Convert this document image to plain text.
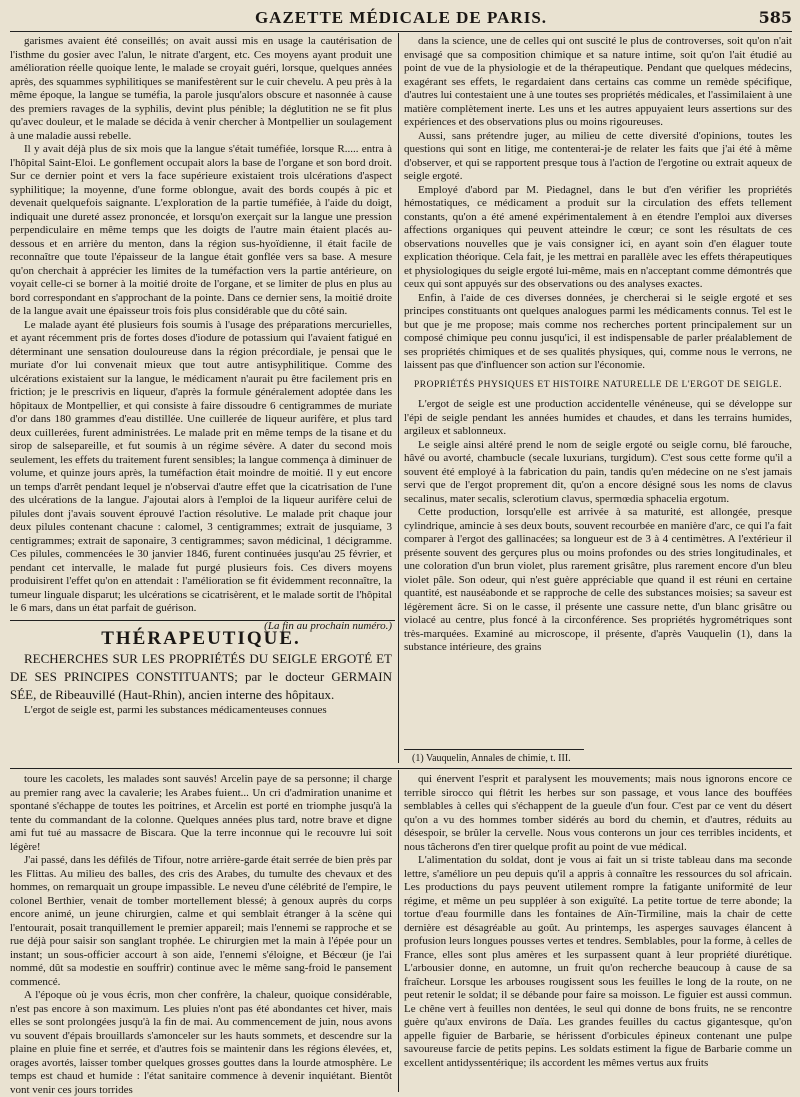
GAZETTE MÉDICALE DE PARIS.	585

garismes avaient été conseillés; on avait aussi mis en usage la cautérisation de l'isthme du gosier avec l'alun, le nitrate d'argent, etc. Ces moyens ayant produit une amélioration réelle quoique lente, le malade se croyait guéri, lorsque, quelques années après, des squammes syphilitiques se manifestèrent sur le cuir chevelu. A peu près à la même époque, la langue se tuméfia, la parole jusqu'alors obscure et nasonnée à cause des premiers ravages de la syphilis, devint plus pénible; la déglutition ne se fit plus qu'avec douleur, et le malade se décida à venir chercher à Montpellier un soulagement à une maladie aussi rebelle.

Il y avait déjà plus de six mois que la langue s'était tuméfiée, lorsque R..... entra à l'hôpital Saint-Eloi. Le gonflement occupait alors la base de l'organe et son bord droit. Sur ce dernier point et vers la face supérieure existaient trois ulcérations d'aspect syphilitique; la moyenne, d'une forme oblongue, avait des bords coupés à pic et devenait quelquefois saignante. L'exploration de la partie tuméfiée, à l'aide du doigt, indiquait une dureté assez prononcée, et lorsqu'on exerçait sur la langue une pression perpendiculaire en même temps que les doigts de l'autre main étaient placés au-dessous et en arrière du menton, dans la région sus-hyoïdienne, il était facile de reconnaître que toute l'épaisseur de la langue était gonflée vers sa base. A mesure qu'on cherchait à apprécier les limites de la tuméfaction vers la partie antérieure, on voyait celle-ci se borner à la moitié droite de l'organe, et se limiter de plus en plus au bord correspondant en s'approchant de la pointe. Dans ce dernier sens, la moitié droite de la langue avait une épaisseur trois fois plus considérable que du côté sain.

Le malade ayant été plusieurs fois soumis à l'usage des préparations mercurielles, et ayant récemment pris de fortes doses d'iodure de potassium qui l'avaient fatigué en déterminant une sensation douloureuse dans la région précordiale, je pensai que le muriate d'or lui convenait mieux que tout autre antisyphilitique. Comme des ulcérations existaient sur la langue, le médicament n'aurait pu être facilement pris en friction; je le prescrivis en liqueur, d'après la formule généralement adoptée dans les hôpitaux de Montpellier, et qui consiste à faire dissoudre 6 centigrammes de muriate d'or dans 180 grammes d'eau distillée. Une cuillerée de liqueur aurifère, et plus tard deux cuillerées, furent administrées. Le malade prit en même temps de la tisane et du sirop de salsepareille, et fut soumis à un régime sévère. A dater du second mois seulement, les effets du traitement furent sensibles; la langue commença à diminuer de volume, et quinze jours après, la tuméfaction était moindre de moitié. Il y eut encore un temps d'arrêt pendant lequel je n'observai d'autre effet que la cicatrisation de l'une des ulcérations de la langue. J'ajoutai alors à l'emploi de la liqueur aurifère celui de pilules dont j'avais souvent éprouvé l'action résolutive. Le malade prit chaque jour deux pilules contenant chacune : calomel, 3 centigrammes; extrait de jusquiame, 3 centigrammes; extrait de saponaire, 3 centigrammes; savon médicinal, 1 décigramme. Ces pilules, commencées le 30 janvier 1846, furent continuées jusqu'au 25 février, et pendant cet intervalle, le malade fut purgé plusieurs fois. Ces divers moyens produisirent l'effet qu'on en attendait : l'amélioration se fit évidemment reconnaître, la tumeur linguale disparut; les ulcérations se cicatrisèrent, et le malade sortit de l'hôpital le 6 mars, dans un état parfait de guérison.

(La fin au prochain numéro.)
THÉRAPEUTIQUE.

RECHERCHES SUR LES PROPRIÉTÉS DU SEIGLE ERGOTÉ ET DE SES PRINCIPES CONSTITUANTS; par le docteur GERMAIN SÉE, de Ribeauvillé (Haut-Rhin), ancien interne des hôpitaux.

L'ergot de seigle est, parmi les substances médicamenteuses connues

dans la science, une de celles qui ont suscité le plus de controverses, soit qu'on n'ait envisagé que sa composition chimique et sa nature intime, soit qu'on l'ait étudié au point de vue de la physiologie et de la thérapeutique. Pendant que quelques médecins, exagérant ses effets, le regardaient dans certains cas comme un remède spécifique, d'autres lui contestaient une à une toutes ses propriétés médicales, et l'assimilaient à une matière complètement inerte. Les uns et les autres appuyaient leurs assertions sur des expériences et des observations plus ou moins rigoureuses.

Aussi, sans prétendre juger, au milieu de cette diversité d'opinions, toutes les questions qui sont en litige, me contenterai-je de relater les faits que j'ai été à même d'observer, et qui se rapportent presque tous à l'action de l'ergotine ou extrait aqueux de seigle ergoté.

Employé d'abord par M. Piedagnel, dans le but d'en vérifier les propriétés hémostatiques, ce médicament a produit sur la circulation des effets tellement constants, qu'on a été amené expérimentalement à en étendre l'emploi aux diverses affections organiques qui peuvent atteindre le cœur; ce sont les résultats de ces observations nouvelles que je vais consigner ici, en ayant soin d'en élaguer toute explication théorique. Cela fait, je les mettrai en parallèle avec les effets thérapeutiques et physiologiques du seigle ergoté lui-même, mais en n'acceptant comme démontrés que ceux qui sont appuyés sur des observations ou des analyses exactes.

Enfin, à l'aide de ces diverses données, je chercherai si le seigle ergoté et ses principes constituants ont quelques analogues parmi les médicaments connus. Tel est le but que je me propose; mais comme nos recherches portent principalement sur un composé chimique peu connu jusqu'ici, il est indispensable de parler préalablement de ses propriétés chimiques et de ses qualités physiques, qui, comme nous le verrons, ne laissent pas que d'influencer son action sur l'économie.

PROPRIÉTÉS PHYSIQUES ET HISTOIRE NATURELLE DE L'ERGOT DE SEIGLE.

L'ergot de seigle est une production accidentelle vénéneuse, qui se développe sur l'épi de seigle pendant les années humides et chaudes, et dans les terrains humides, argileux et sablonneux.

Le seigle ainsi altéré prend le nom de seigle ergoté ou seigle cornu, blé farouche, hâvé ou avorté, chambucle (secale luxurians, turgidum). C'est sous cette forme qu'il a souvent été employé à la fabrication du pain, tandis qu'en médecine on ne s'est jamais servi que de l'ergot proprement dit, qu'on a encore désigné sous les noms de clavus secalinus, mater secalis, sclerotium clavus, spermœdia sphacelia ergotum.

Cette production, lorsqu'elle est arrivée à sa maturité, est allongée, presque cylindrique, amincie à ses deux bouts, souvent recourbée en manière d'arc, ce qui l'a fait comparer à l'ergot des gallinacées; sa longueur est de 3 à 4 centimètres. A l'extérieur il présente souvent des gerçures plus ou moins profondes ou des stries longitudinales, et une coloration d'un brun violet, plus rarement grisâtre, plus rarement encore d'un bleu violet pâle. Son odeur, qui n'est guère appréciable que quand il est réuni en certaine quantité, est nauséabonde et se rapproche de celle des substances moisies; sa saveur est légèrement âcre. Si on le casse, il présente une cassure nette, d'un blanc grisâtre ou violacé au centre, plus foncé à la circonférence. Ses propriétés hygrométriques sont très-marquées. Examiné au microscope, il présente, d'après Vauquelin (1), dans la substance intérieure, des grains

(1) Vauquelin, Annales de chimie, t. III.

toure les cacolets, les malades sont sauvés! Arcelin paye de sa personne; il charge au premier rang avec la cavalerie; les Arabes fuient... Un cri d'admiration unanime et spontané s'échappe de toutes les poitrines, et Arcelin est porté en triomphe jusqu'à la tente du commandant de la colonne. Quelques années plus tard, notre brave et digne ami fut tué au massacre de Biscara. Que la terre inconnue qui le recouvre lui soit légère!

J'ai passé, dans les défilés de Tifour, notre arrière-garde était serrée de bien près par les Flittas. Au milieu des balles, des cris des Arabes, du tumulte des chevaux et des hommes, on remarquait un groupe impassible. Le neveu d'une célébrité de l'empire, le colonel Berthier, venait de tomber mortellement blessé; à genoux auprès du corps encore animé, un jeune chirurgien, calme et qui semblait étranger à la scène qui l'entourait, posait tranquillement le premier appareil; mais l'ennemi se rapproche et se rue déjà pour saisir son sanglant trophée. Le chirurgien met la main à l'épée pour un instant; un sous-officier accourt à son aide, l'ennemi s'éloigne, et Bécœur (je l'ai nommé, dût sa modestie en souffrir) continue avec le même sang-froid le pansement commencé.

A l'époque où je vous écris, mon cher confrère, la chaleur, quoique considérable, n'est pas encore à son maximum. Les pluies n'ont pas été abondantes cet hiver, mais elles se sont prolongées jusqu'à la fin de mai. Au commencement de juin, nous avons vu souvent d'épais brouillards s'amonceler sur les hauts sommets, et descendre sur la plaine en pluie fine et serrée, et d'autres fois se maintenir dans les régions élevées, et, orages avortés, laisser tomber quelques grosses gouttes dans la lourde atmosphère. Le temps est chaud et humide : l'état sanitaire commence à devenir inquiétant. Bientôt vont venir ces jours torrides

qui énervent l'esprit et paralysent les mouvements; mais nous ignorons encore ce terrible sirocco qui flétrit les herbes sur son passage, et vous lance des bouffées semblables à celles qui s'échappent de la gueule d'un four. C'est par ce vent du désert qu'on a vu des hommes tomber sidérés au bord du chemin, et d'autres, réduits au désespoir, se brûler la cervelle. Nous vous conterons un jour ces terribles incidents, et nous tâcherons d'en tirer quelque profit au point de vue médical.

L'alimentation du soldat, dont je vous ai fait un si triste tableau dans ma seconde lettre, s'améliore un peu depuis qu'il a appris à connaître les ressources du sol africain. Les productions du pays peuvent utilement rompre la fatigante uniformité de leur régime, et même un peu suppléer à son exiguïté. La petite tortue de terre abonde; la tortue d'eau fourmille dans les fontaines de Aïn-Tirmiline, mais la chair de cette dernière est désagréable au goût. Au printemps, les asperges sauvages élancent à profusion leurs longues pousses vertes et tendres. Semblables, pour la forme, à celles de France, elles sont plus amères et les surpassent quant à leur propriété diurétique. L'arbousier donne, en automne, un fruit qu'on recherche beaucoup à cause de sa fraîcheur. Lorsque les arbouses rougissent sous les feuilles le long de la route, on ne peut retenir le soldat; il se débande pour faire sa moisson. Le figuier est aussi commun. Le chêne vert à feuilles non dentées, le seul qui donne de bons fruits, ne se rencontre guère qu'aux environs de Daïa. Les grandes feuilles du cactus gigantesque, qu'on appelle figuier de Barbarie, se hérissent d'orbicules épineux contenant une pulpe savoureuse farcie de petits pepins. Les soldats estiment la figue de Barbarie comme un excellent antidyssentérique; ils accordent les mêmes vertus aux fruits
